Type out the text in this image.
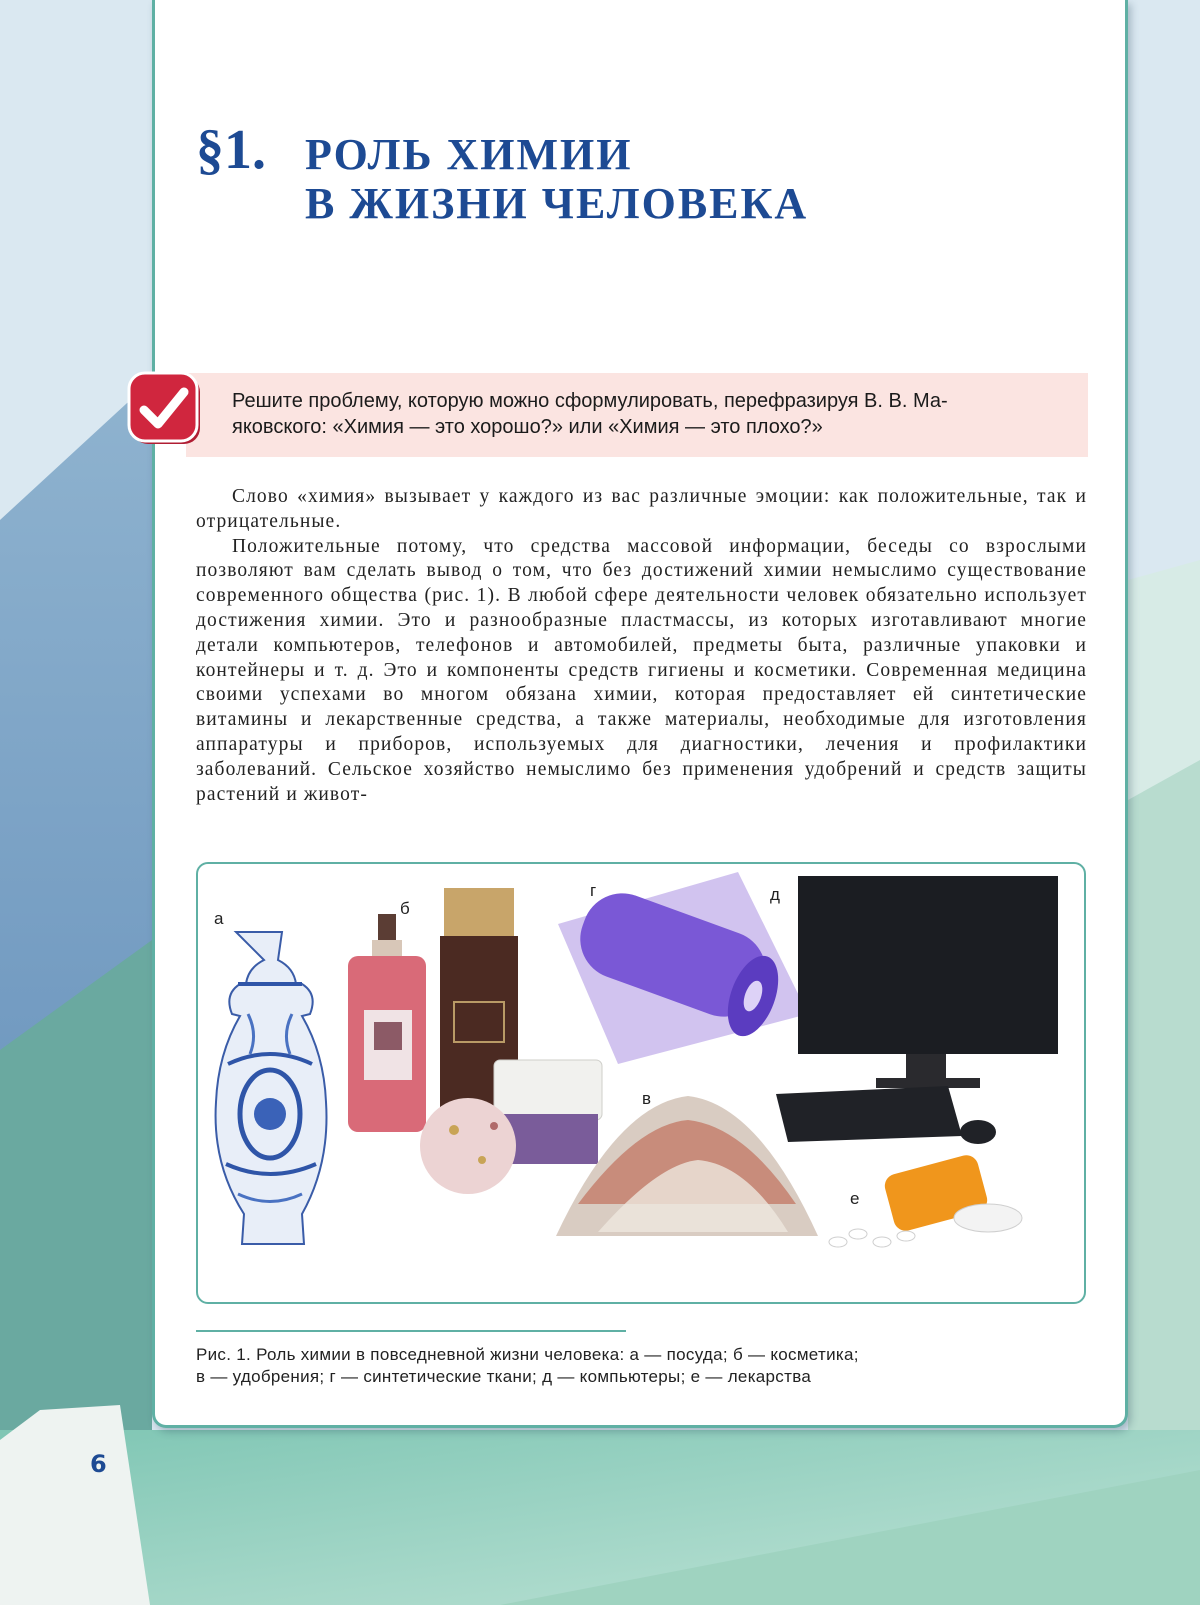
§1. РОЛЬ ХИМИИ
В ЖИЗНИ ЧЕЛОВЕКА
Решите проблему, которую можно сформулировать, перефразируя В. В. Ма-
яковского: «Химия — это хорошо?» или «Химия — это плохо?»

Слово «химия» вызывает у каждого из вас различные эмоции: как положительные, так и отрицательные.

Положительные потому, что средства массовой информации, беседы со взрослыми позволяют вам сделать вывод о том, что без достижений химии немыслимо существование современного общества (рис. 1). В любой сфере деятельности человек обязательно использует достижения химии. Это и разнообразные пластмассы, из которых изготавливают многие детали компьютеров, телефонов и автомобилей, предметы быта, различные упаковки и контейнеры и т. д. Это и компоненты средств гигиены и косметики. Современная медицина своими успехами во многом обязана химии, которая предоставляет ей синтетические витамины и лекарственные средства, а также материалы, необходимые для изготовления аппаратуры и приборов, используемых для диагностики, лечения и профилактики заболеваний. Сельское хозяйство немыслимо без применения удобрений и средств защиты растений и живот-

а
б
г	д
в
е
Рис. 1. Роль химии в повседневной жизни человека: а — посуда; б — косметика;
в — удобрения; г — синтетические ткани; д — компьютеры; е — лекарства
6
